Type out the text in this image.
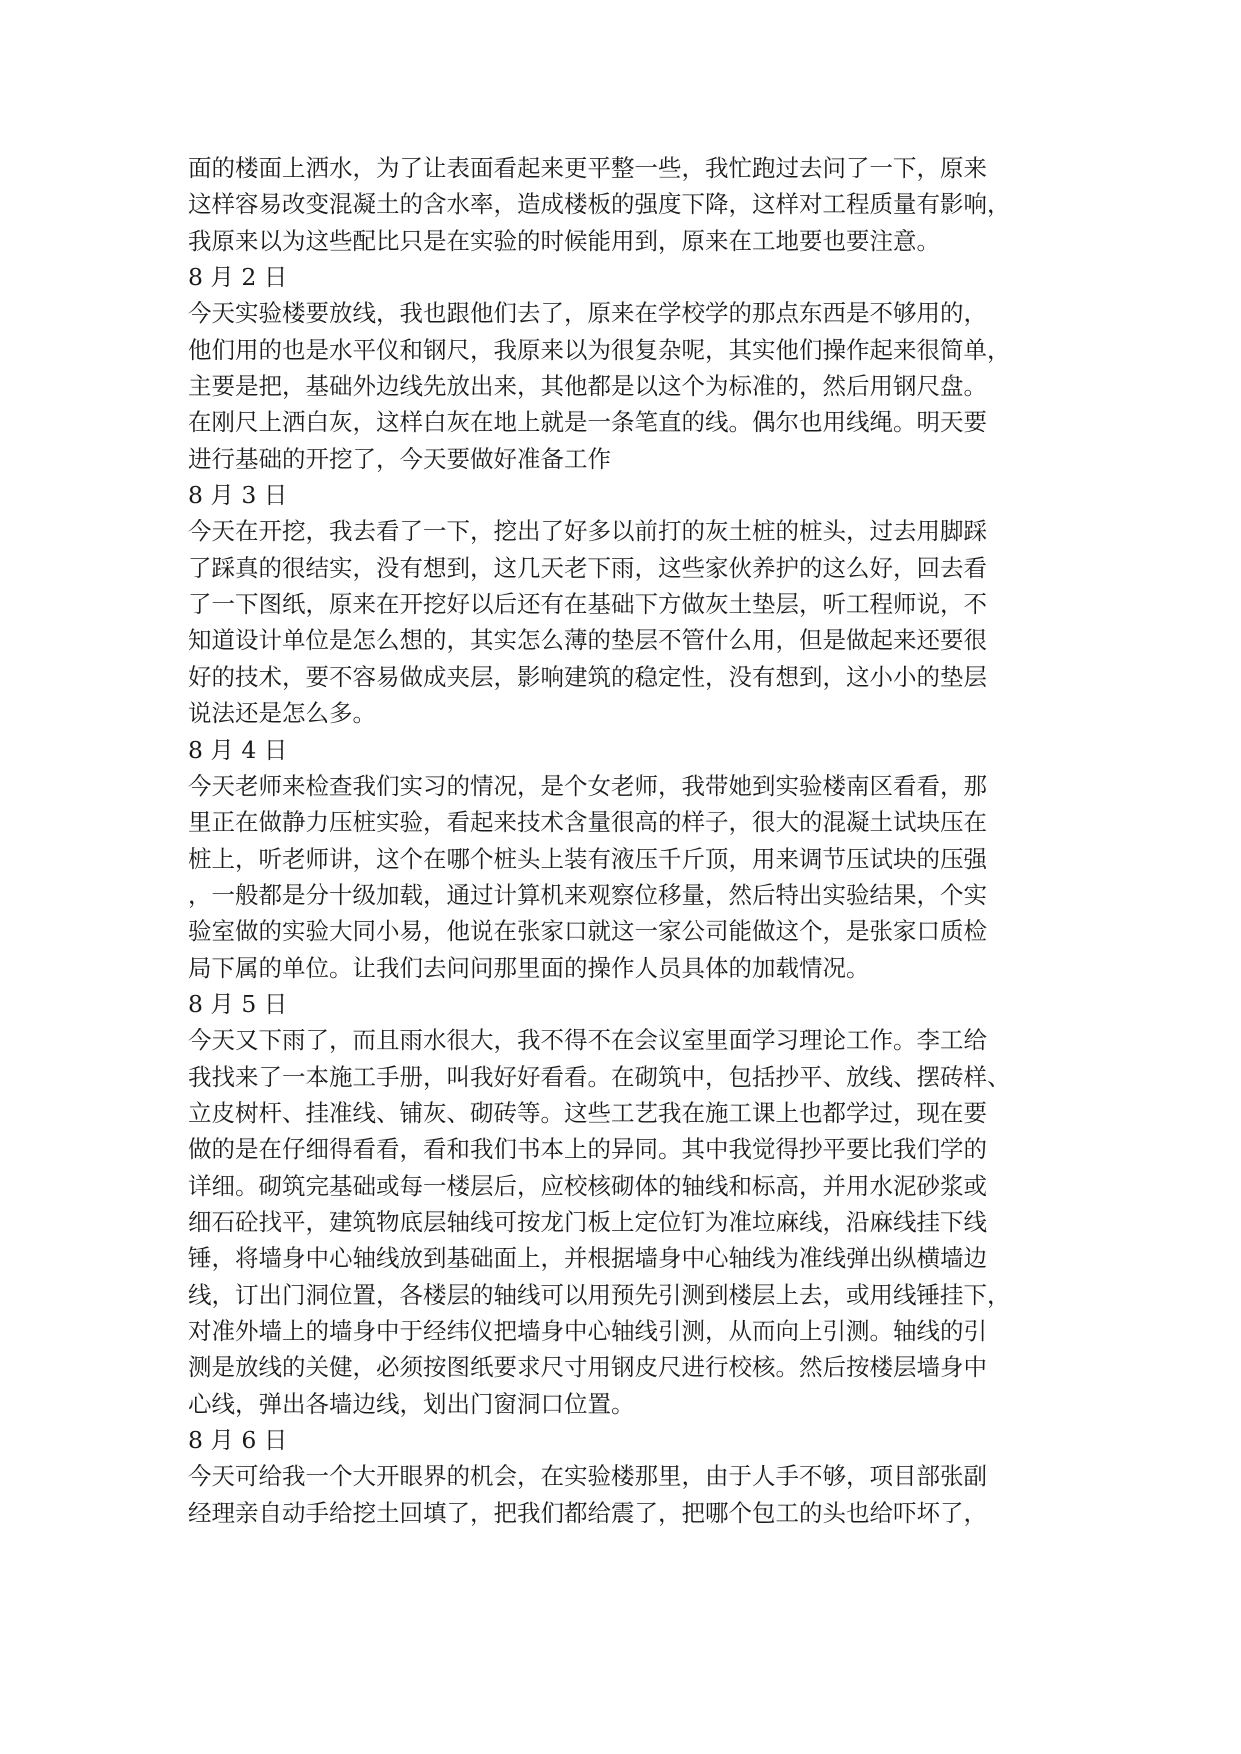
面的楼面上洒水，为了让表面看起来更平整一些，我忙跑过去问了一下，原来
这样容易改变混凝土的含水率，造成楼板的强度下降，这样对工程质量有影响，
我原来以为这些配比只是在实验的时候能用到，原来在工地要也要注意。
8 月 2 日
今天实验楼要放线，我也跟他们去了，原来在学校学的那点东西是不够用的，
他们用的也是水平仪和钢尺，我原来以为很复杂呢，其实他们操作起来很简单，
主要是把，基础外边线先放出来，其他都是以这个为标准的，然后用钢尺盘。
在刚尺上洒白灰，这样白灰在地上就是一条笔直的线。偶尔也用线绳。明天要
进行基础的开挖了，今天要做好准备工作
8 月 3 日
今天在开挖，我去看了一下，挖出了好多以前打的灰土桩的桩头，过去用脚踩
了踩真的很结实，没有想到，这几天老下雨，这些家伙养护的这么好，回去看
了一下图纸，原来在开挖好以后还有在基础下方做灰土垫层，听工程师说，不
知道设计单位是怎么想的，其实怎么薄的垫层不管什么用，但是做起来还要很
好的技术，要不容易做成夹层，影响建筑的稳定性，没有想到，这小小的垫层
说法还是怎么多。
8 月 4 日
今天老师来检查我们实习的情况，是个女老师，我带她到实验楼南区看看，那
里正在做静力压桩实验，看起来技术含量很高的样子，很大的混凝土试块压在
桩上，听老师讲，这个在哪个桩头上装有液压千斤顶，用来调节压试块的压强
，一般都是分十级加载，通过计算机来观察位移量，然后特出实验结果，个实
验室做的实验大同小易，他说在张家口就这一家公司能做这个，是张家口质检
局下属的单位。让我们去问问那里面的操作人员具体的加载情况。
8 月 5 日
今天又下雨了，而且雨水很大，我不得不在会议室里面学习理论工作。李工给
我找来了一本施工手册，叫我好好看看。在砌筑中，包括抄平、放线、摆砖样、
立皮树杆、挂准线、铺灰、砌砖等。这些工艺我在施工课上也都学过，现在要
做的是在仔细得看看，看和我们书本上的异同。其中我觉得抄平要比我们学的
详细。砌筑完基础或每一楼层后，应校核砌体的轴线和标高，并用水泥砂浆或
细石砼找平，建筑物底层轴线可按龙门板上定位钉为准垃麻线，沿麻线挂下线
锤，将墙身中心轴线放到基础面上，并根据墙身中心轴线为准线弹出纵横墙边
线，订出门洞位置，各楼层的轴线可以用预先引测到楼层上去，或用线锤挂下，
对准外墙上的墙身中于经纬仪把墙身中心轴线引测，从而向上引测。轴线的引
测是放线的关健，必须按图纸要求尺寸用钢皮尺进行校核。然后按楼层墙身中
心线，弹出各墙边线，划出门窗洞口位置。
8 月 6 日
今天可给我一个大开眼界的机会，在实验楼那里，由于人手不够，项目部张副
经理亲自动手给挖土回填了，把我们都给震了，把哪个包工的头也给吓坏了，
